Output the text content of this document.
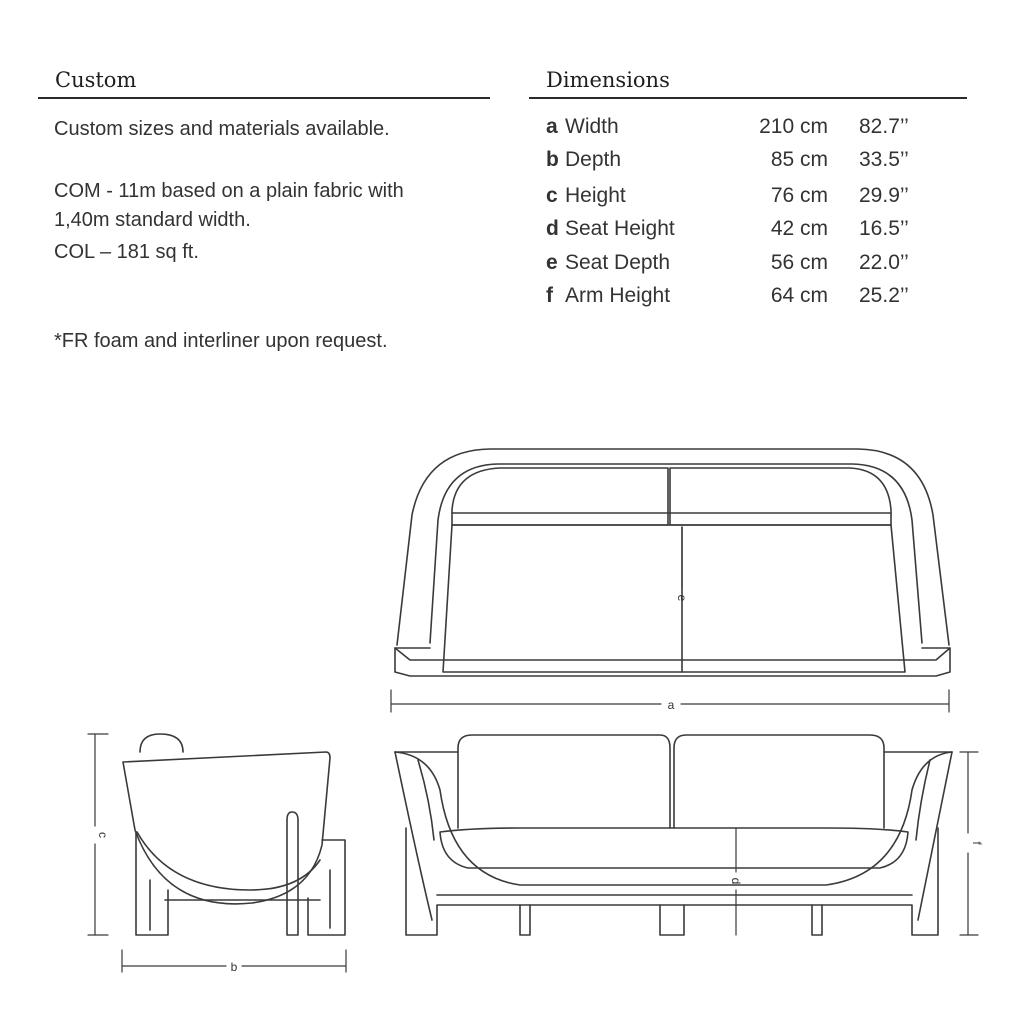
Custom
Custom sizes and materials available.
COM - 11m based on a plain fabric with
1,40m standard width.
COL – 181 sq ft.
*FR foam and interliner upon request.
Dimensions
a Width	210 cm 82.7’’
b Depth	85 cm 33.5’’
c Height	76 cm 29.9’’
d Seat Height	42 cm 16.5’’
e Seat Depth	56 cm 22.0’’
f Arm Height	64 cm 25.2’’
a
b
c
d
e
f
